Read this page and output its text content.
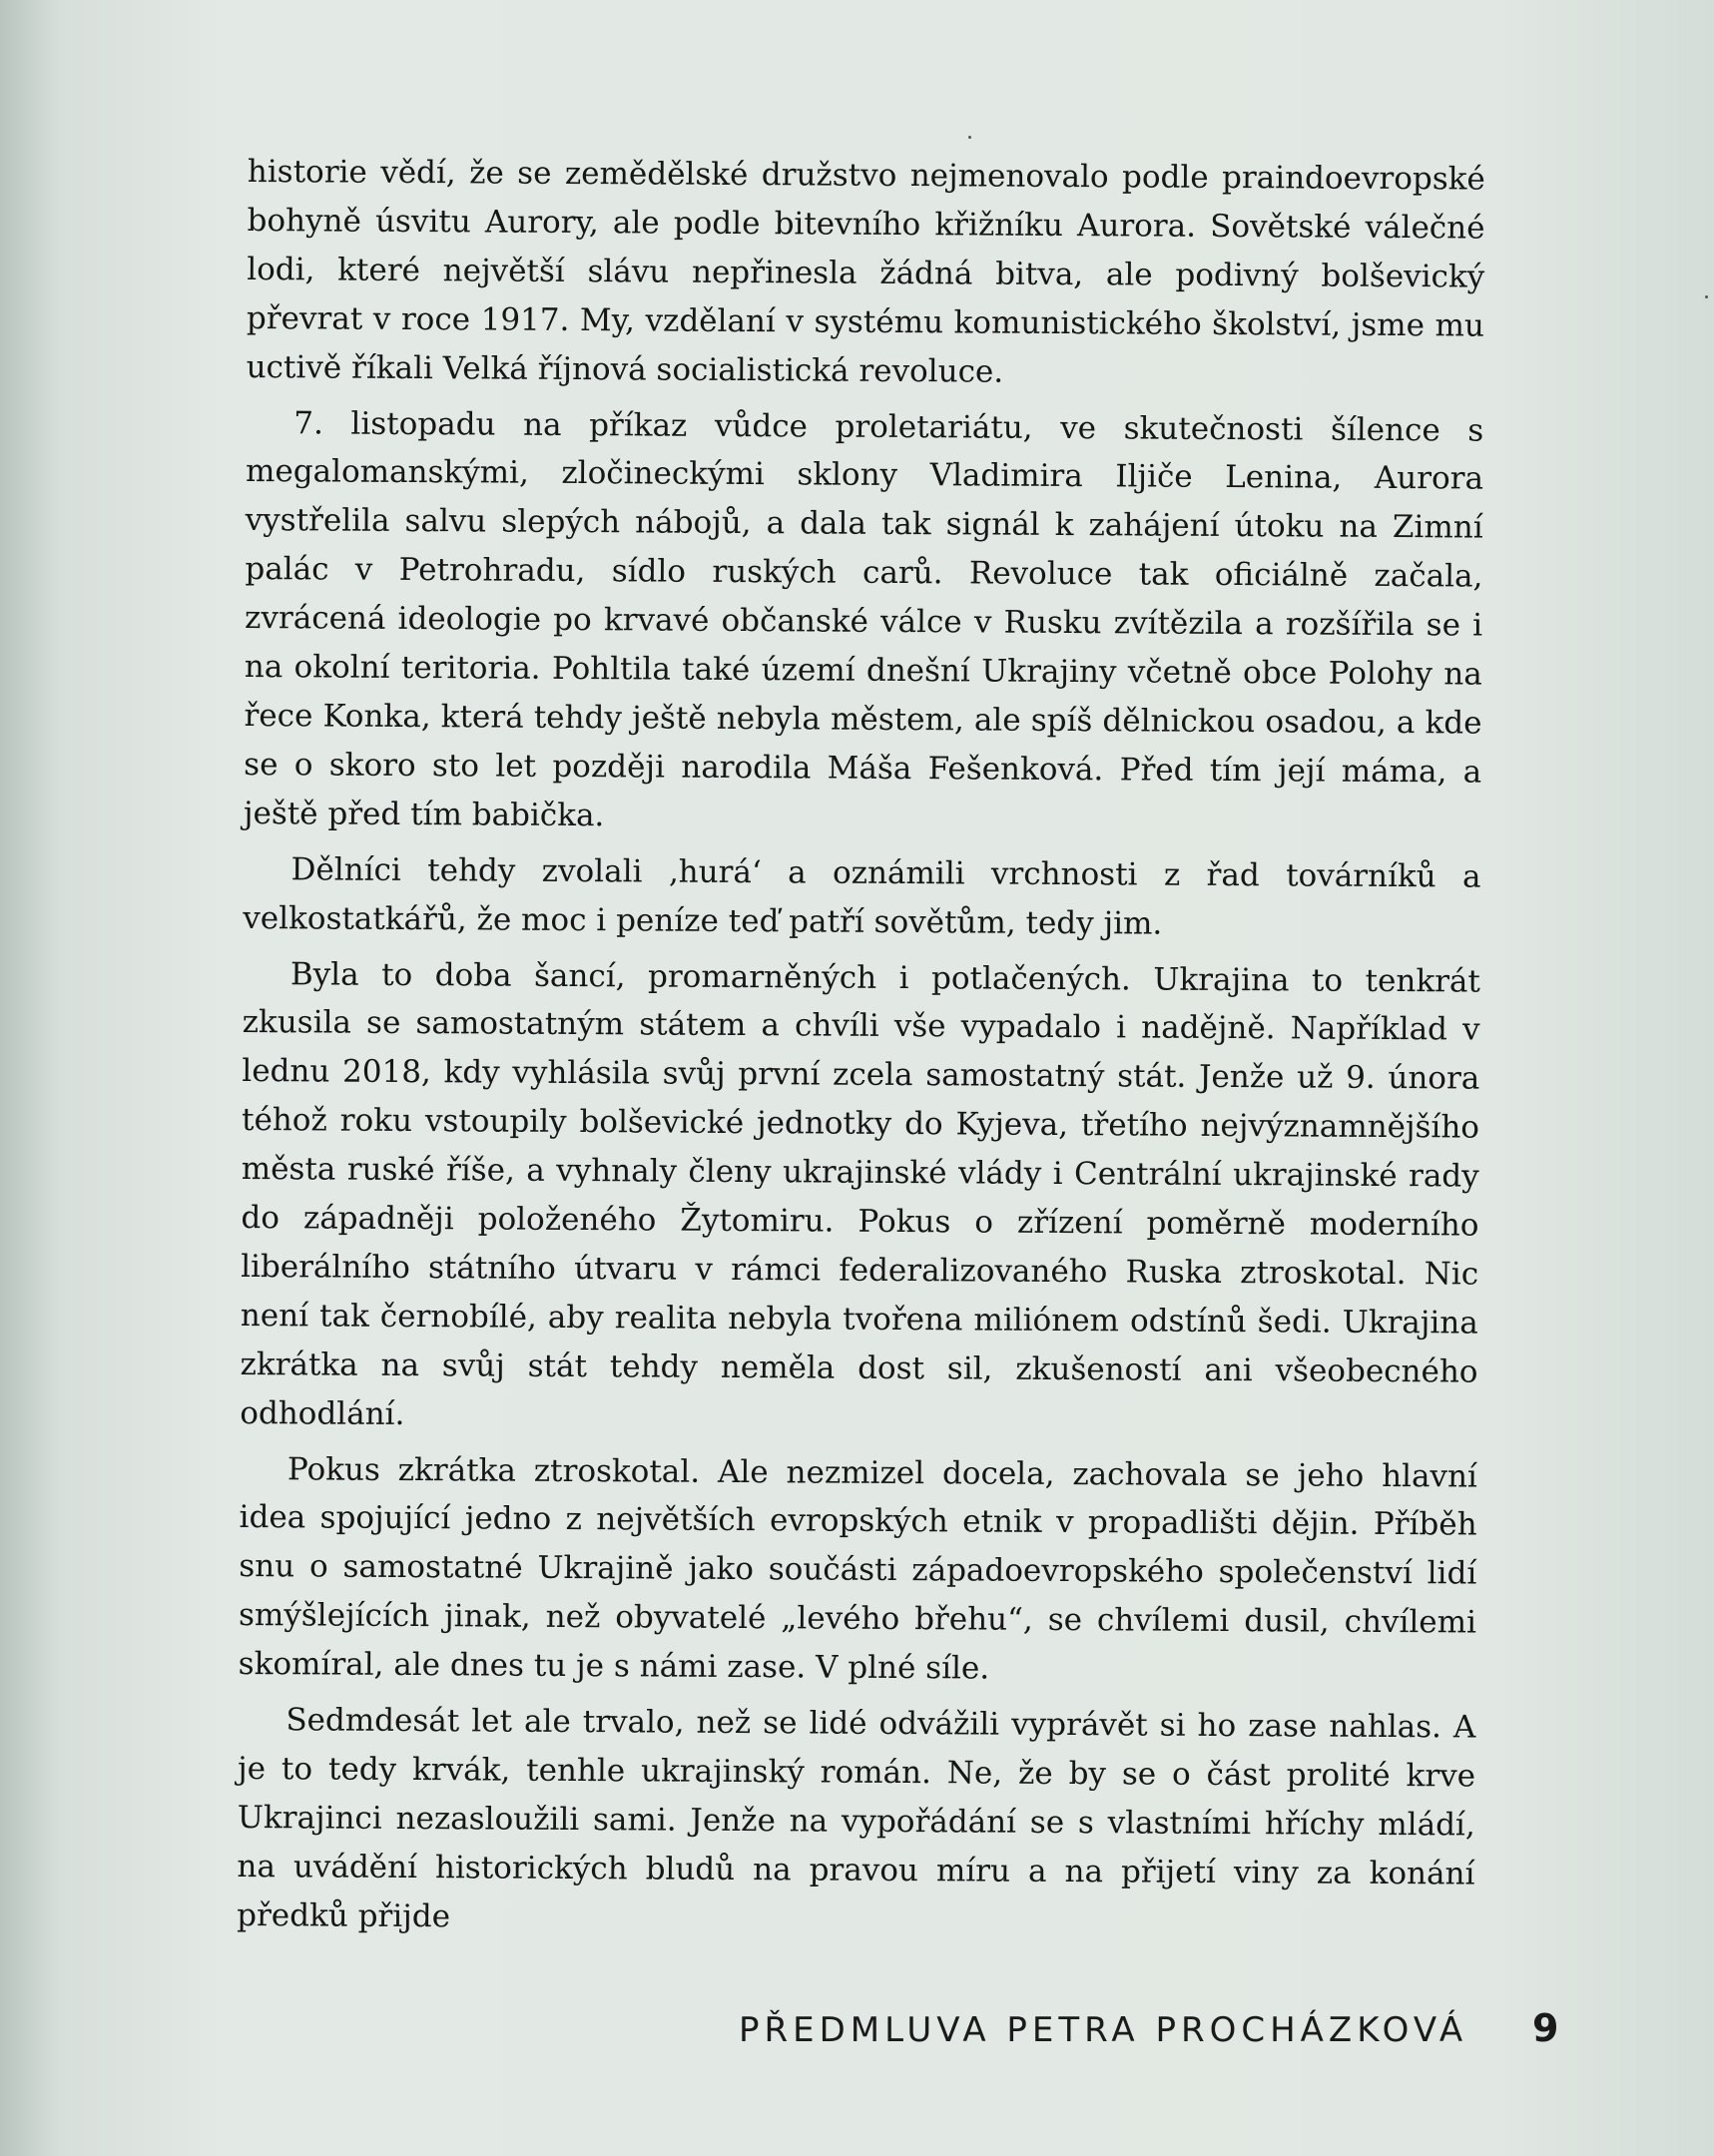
historie vědí, že se zemědělské družstvo nejmenovalo podle praindoevropské bohyně úsvitu Aurory, ale podle bitevního křižníku Aurora. Sovětské válečné lodi, které největší slávu nepřinesla žádná bitva, ale podivný bolševický převrat v roce 1917. My, vzdělaní v systému komunistického školství, jsme mu uctivě říkali Velká říjnová socialistická revoluce.

7. listopadu na příkaz vůdce proletariátu, ve skutečnosti šílence s megalomanskými, zločineckými sklony Vladimira Iljiče Lenina, Aurora vystřelila salvu slepých nábojů, a dala tak signál k zahájení útoku na Zimní palác v Petrohradu, sídlo ruských carů. Revoluce tak oficiálně začala, zvrácená ideologie po krvavé občanské válce v Rusku zvítězila a rozšířila se i na okolní teritoria. Pohltila také území dnešní Ukrajiny včetně obce Polohy na řece Konka, která tehdy ještě nebyla městem, ale spíš dělnickou osadou, a kde se o skoro sto let později narodila Máša Fešenková. Před tím její máma, a ještě před tím babička.

Dělníci tehdy zvolali ‚hurá‘ a oznámili vrchnosti z řad továrníků a velkostatkářů, že moc i peníze teď patří sovětům, tedy jim.

Byla to doba šancí, promarněných i potlačených. Ukrajina to tenkrát zkusila se samostatným státem a chvíli vše vypadalo i nadějně. Například v lednu 2018, kdy vyhlásila svůj první zcela samostatný stát. Jenže už 9. února téhož roku vstoupily bolševické jednotky do Kyjeva, třetího nejvýznamnějšího města ruské říše, a vyhnaly členy ukrajinské vlády i Centrální ukrajinské rady do západněji položeného Žytomiru. Pokus o zřízení poměrně moderního liberálního státního útvaru v rámci federalizovaného Ruska ztroskotal. Nic není tak černobílé, aby realita nebyla tvořena miliónem odstínů šedi. Ukrajina zkrátka na svůj stát tehdy neměla dost sil, zkušeností ani všeobecného odhodlání.

Pokus zkrátka ztroskotal. Ale nezmizel docela, zachovala se jeho hlavní idea spojující jedno z největších evropských etnik v propadlišti dějin. Příběh snu o samostatné Ukrajině jako součásti západoevropského společenství lidí smýšlejících jinak, než obyvatelé „levého břehu“, se chvílemi dusil, chvílemi skomíral, ale dnes tu je s námi zase. V plné síle.

Sedmdesát let ale trvalo, než se lidé odvážili vyprávět si ho zase nahlas. A je to tedy krvák, tenhle ukrajinský román. Ne, že by se o část prolité krve Ukrajinci nezasloužili sami. Jenže na vypořádání se s vlastními hříchy mládí, na uvádění historických bludů na pravou míru a na přijetí viny za konání předků přijde

PŘEDMLUVA PETRA PROCHÁZKOVÁ 9
